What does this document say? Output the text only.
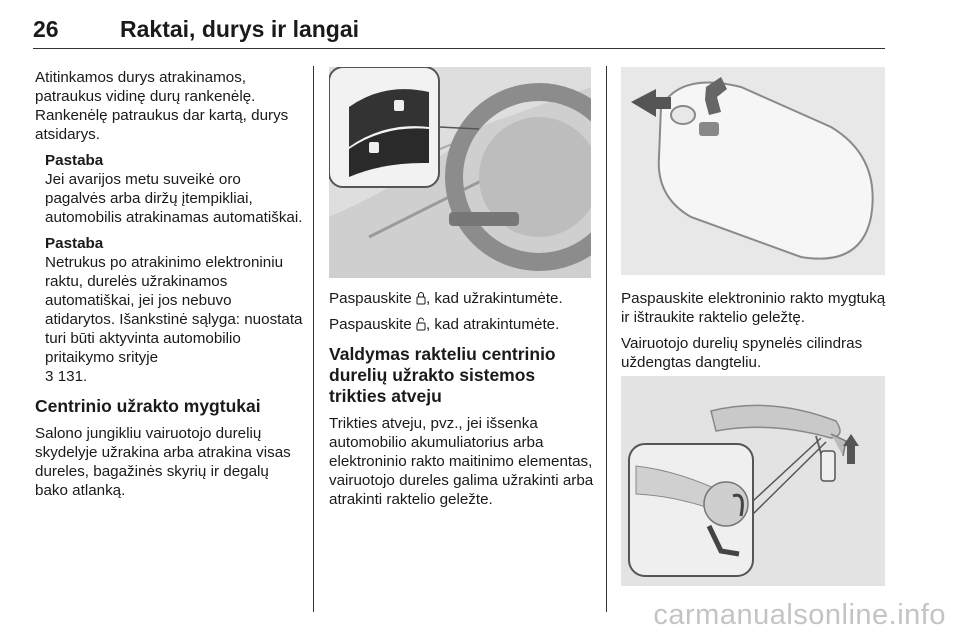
26	Raktai, durys ir langai

Atitinkamos durys atrakinamos, patraukus vidinę durų rankenėlę. Rankenėlę patraukus dar kartą, durys atsidarys.

Pastaba

Jei avarijos metu suveikė oro pagalvės arba diržų įtempikliai, automobilis atrakinamas automatiškai.

Pastaba

Netrukus po atrakinimo elektroniniu raktu, durelės užrakinamos automatiškai, jei jos nebuvo atidarytos. Išankstinė sąlyga: nuostata turi būti aktyvinta automobilio pritaikymo srityje
3 131.

Centrinio užrakto mygtukai

Salono jungikliu vairuotojo durelių skydelyje užrakina arba atrakina visas dureles, bagažinės skyrių ir degalų bako atlanką.

Paspauskite , kad užrakintumėte.

Paspauskite , kad atrakintumėte.

Valdymas rakteliu centrinio durelių užrakto sistemos trikties atveju

Trikties atveju, pvz., jei išsenka automobilio akumuliatorius arba elektroninio rakto maitinimo elementas, vairuotojo dureles galima užrakinti arba atrakinti raktelio geležte.

Paspauskite elektroninio rakto mygtuką ir ištraukite raktelio geležtę.

Vairuotojo durelių spynelės cilindras uždengtas dangteliu.

carmanualsonline.info
